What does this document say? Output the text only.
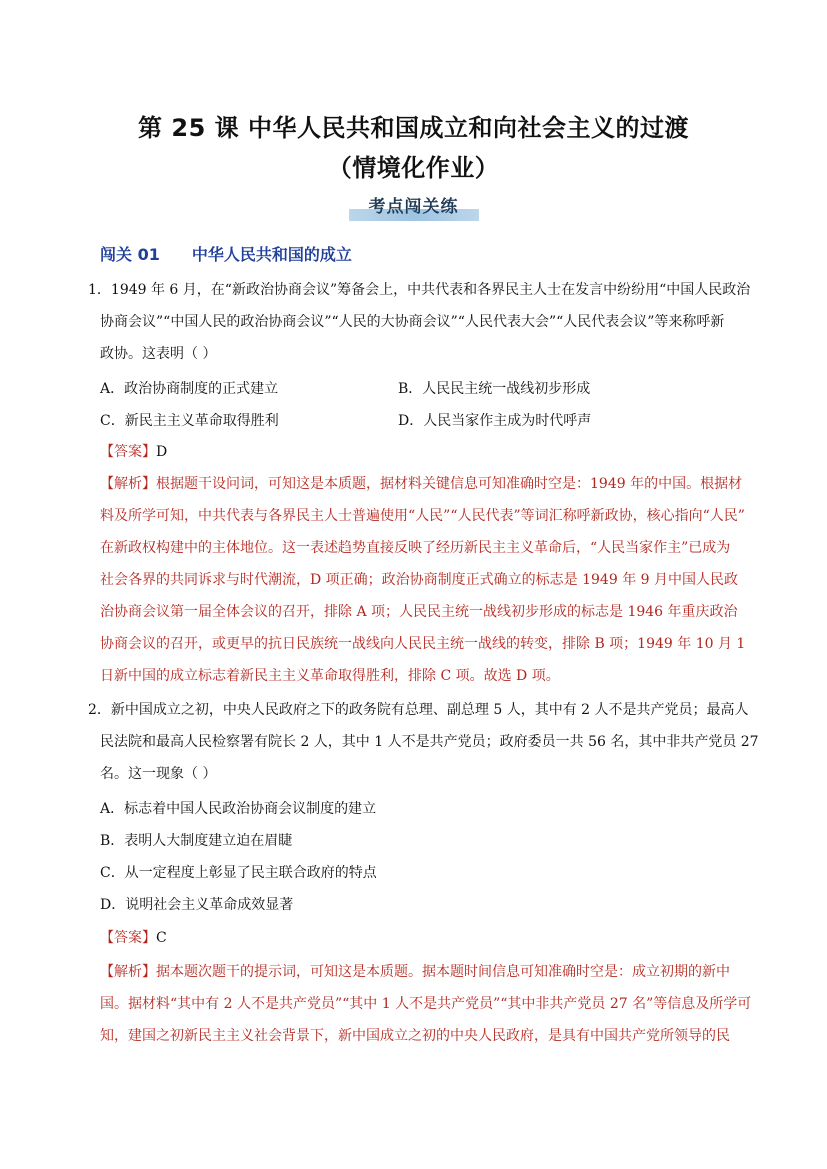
第 25 课 中华人民共和国成立和向社会主义的过渡
（情境化作业）
考点闯关练
闯关 01 中华人民共和国的成立
1．1949 年 6 月，在“新政治协商会议”筹备会上，中共代表和各界民主人士在发言中纷纷用“中国人民政治
协商会议”“中国人民的政治协商会议”“人民的大协商会议”“人民代表大会”“人民代表会议”等来称呼新
政协。这表明（ ）
A．政治协商制度的正式建立	B．人民民主统一战线初步形成
C．新民主主义革命取得胜利	D．人民当家作主成为时代呼声
【答案】D
【解析】根据题干设问词，可知这是本质题，据材料关键信息可知准确时空是：1949 年的中国。根据材
料及所学可知，中共代表与各界民主人士普遍使用“人民”“人民代表”等词汇称呼新政协，核心指向“人民”
在新政权构建中的主体地位。这一表述趋势直接反映了经历新民主主义革命后，“人民当家作主”已成为
社会各界的共同诉求与时代潮流，D 项正确；政治协商制度正式确立的标志是 1949 年 9 月中国人民政
治协商会议第一届全体会议的召开，排除 A 项；人民民主统一战线初步形成的标志是 1946 年重庆政治
协商会议的召开，或更早的抗日民族统一战线向人民民主统一战线的转变，排除 B 项；1949 年 10 月 1
日新中国的成立标志着新民主主义革命取得胜利，排除 C 项。故选 D 项。
2．新中国成立之初，中央人民政府之下的政务院有总理、副总理 5 人，其中有 2 人不是共产党员；最高人
民法院和最高人民检察署有院长 2 人，其中 1 人不是共产党员；政府委员一共 56 名，其中非共产党员 27
名。这一现象（ ）
A．标志着中国人民政治协商会议制度的建立
B．表明人大制度建立迫在眉睫
C．从一定程度上彰显了民主联合政府的特点
D．说明社会主义革命成效显著
【答案】C
【解析】据本题次题干的提示词，可知这是本质题。据本题时间信息可知准确时空是：成立初期的新中
国。据材料“其中有 2 人不是共产党员”“其中 1 人不是共产党员”“其中非共产党员 27 名”等信息及所学可
知，建国之初新民主主义社会背景下，新中国成立之初的中央人民政府，是具有中国共产党所领导的民
